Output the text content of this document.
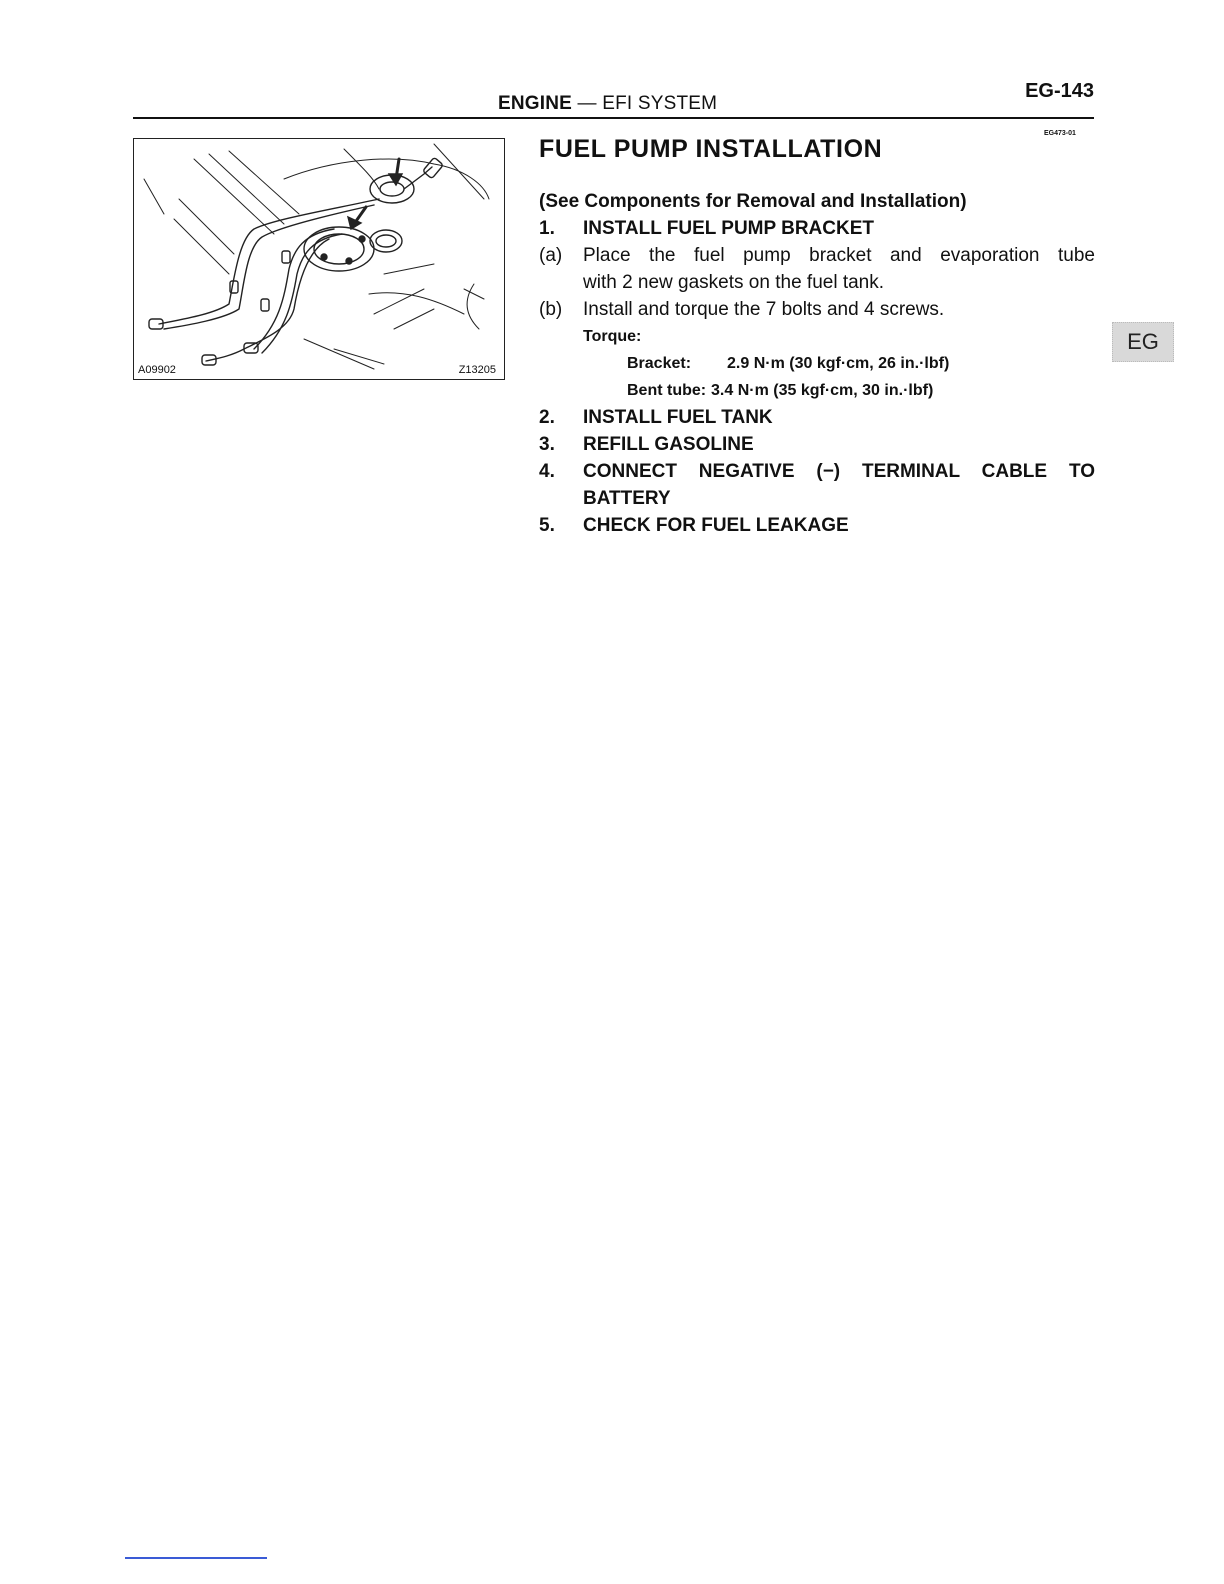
ENGINE — EFI SYSTEM
EG-143
A09902	Z13205
EG473-01
FUEL PUMP INSTALLATION
(See Components for Removal and Installation)
1. INSTALL FUEL PUMP BRACKET
(a) Place the fuel pump bracket and evaporation tube
with 2 new gaskets on the fuel tank.
(b) Install and torque the 7 bolts and 4 screws.
Torque:
Bracket: 2.9 N·m (30 kgf·cm, 26 in.·lbf)
Bent tube: 3.4 N·m (35 kgf·cm, 30 in.·lbf)
2. INSTALL FUEL TANK
3. REFILL GASOLINE
4. CONNECT NEGATIVE (−) TERMINAL CABLE TO
BATTERY
5. CHECK FOR FUEL LEAKAGE
EG
